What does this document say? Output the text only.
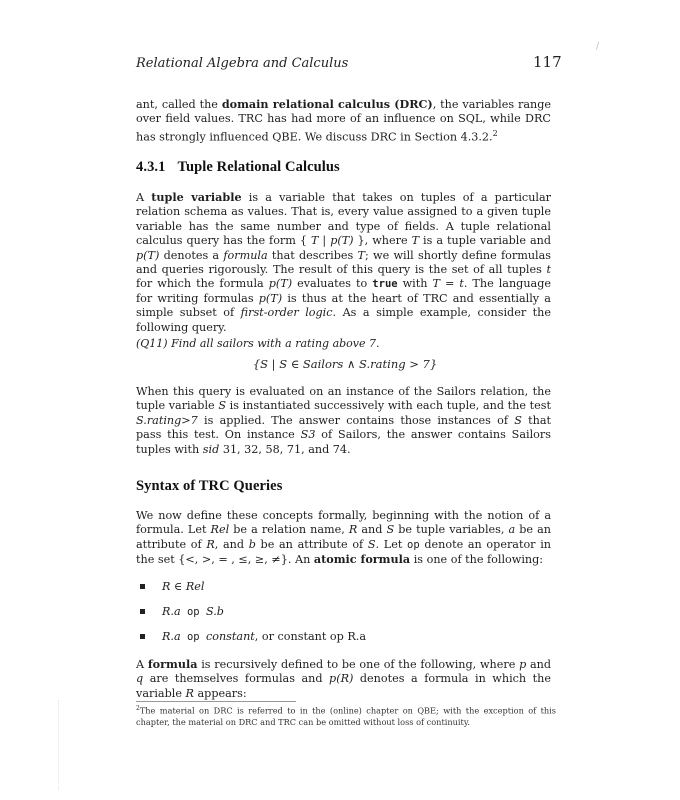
Relational Algebra and Calculus	117
/

ant, called the domain relational calculus (DRC), the variables range over field values. TRC has had more of an influence on SQL, while DRC has strongly influenced QBE. We discuss DRC in Section 4.3.2.$^2$

4.3.1 Tuple Relational Calculus

A tuple variable is a variable that takes on tuples of a particular relation schema as values. That is, every value assigned to a given tuple variable has the same number and type of fields. A tuple relational calculus query has the form { T | p(T) }, where T is a tuple variable and p(T) denotes a formula that describes T; we will shortly define formulas and queries rigorously. The result of this query is the set of all tuples t for which the formula p(T) evaluates to true with T = t. The language for writing formulas p(T) is thus at the heart of TRC and essentially a simple subset of first-order logic. As a simple example, consider the following query.

(Q11) Find all sailors with a rating above 7.
{S | S ∈ Sailors ∧ S.rating > 7}

When this query is evaluated on an instance of the Sailors relation, the tuple variable S is instantiated successively with each tuple, and the test S.rating>7 is applied. The answer contains those instances of S that pass this test. On instance S3 of Sailors, the answer contains Sailors tuples with sid 31, 32, 58, 71, and 74.

Syntax of TRC Queries

We now define these concepts formally, beginning with the notion of a formula. Let Rel be a relation name, R and S be tuple variables, a be an attribute of R, and b be an attribute of S. Let op denote an operator in the set {<, >, = , ≤, ≥, ≠}. An atomic formula is one of the following:

R ∈ Rel
R.a op S.b
R.a op constant, or constant op R.a

A formula is recursively defined to be one of the following, where p and q are themselves formulas and p(R) denotes a formula in which the variable R appears:

$^2$The material on DRC is referred to in the (online) chapter on QBE; with the exception of this chapter, the material on DRC and TRC can be omitted without loss of continuity.
